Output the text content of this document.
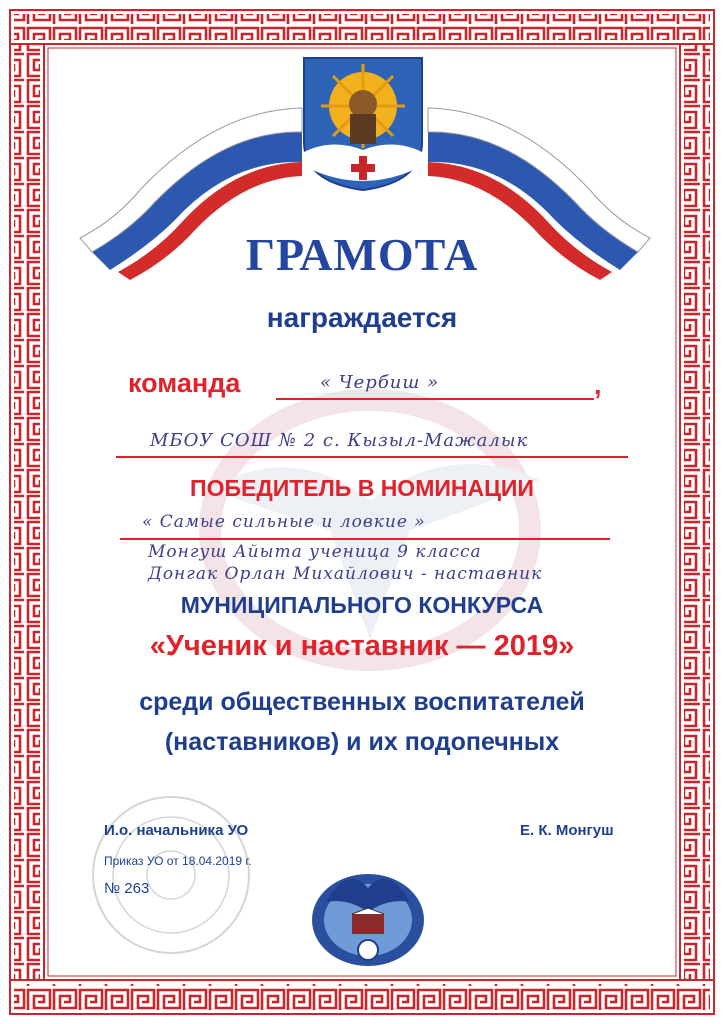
ГРАМОТА
награждается
команда	« Чербиш »	,
МБОУ СОШ № 2 с. Кызыл-Мажалык
ПОБЕДИТЕЛЬ В НОМИНАЦИИ
« Самые сильные и ловкие »
Монгуш Айыта ученица 9 класса
Донгак Орлан Михайлович - наставник
МУНИЦИПАЛЬНОГО КОНКУРСА
«Ученик и наставник — 2019»
среди общественных воспитателей
(наставников) и их подопечных
И.о. начальника УО	Е. К. Монгуш
Приказ УО от 18.04.2019 г.
№ 263
